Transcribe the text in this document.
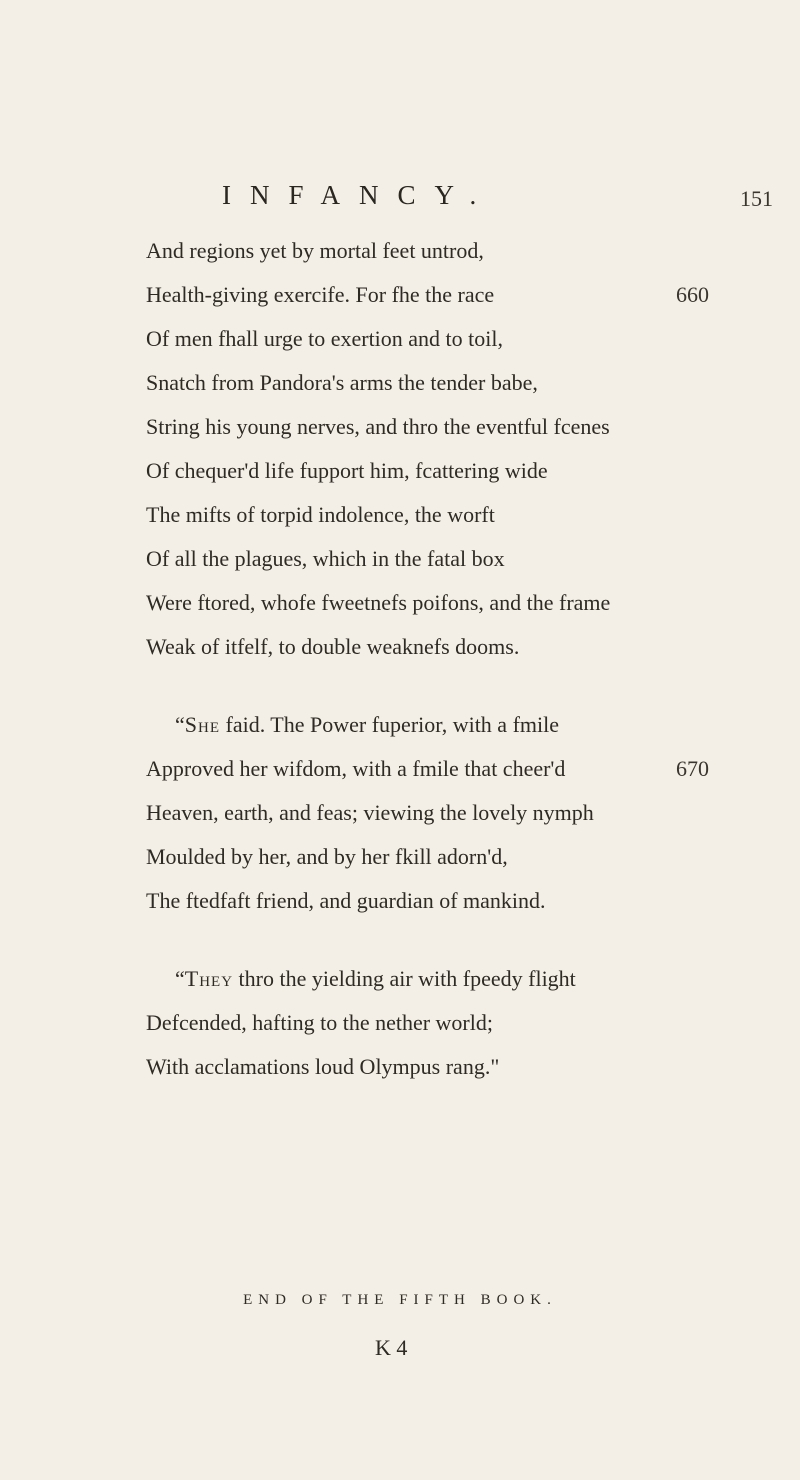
INFANCY.	151
And regions yet by mortal feet untrod,
Health-giving exercife. For fhe the race	660
Of men fhall urge to exertion and to toil,
Snatch from Pandora's arms the tender babe,
String his young nerves, and thro the eventful fcenes
Of chequer'd life fupport him, fcattering wide
The mifts of torpid indolence, the worft
Of all the plagues, which in the fatal box
Were ftored, whofe fweetnefs poifons, and the frame
Weak of itfelf, to double weaknefs dooms.
“She faid. The Power fuperior, with a fmile
Approved her wifdom, with a fmile that cheer'd	670
Heaven, earth, and feas; viewing the lovely nymph
Moulded by her, and by her fkill adorn'd,
The ftedfaft friend, and guardian of mankind.
“They thro the yielding air with fpeedy flight
Defcended, hafting to the nether world;
With acclamations loud Olympus rang."
END OF THE FIFTH BOOK.
K 4
